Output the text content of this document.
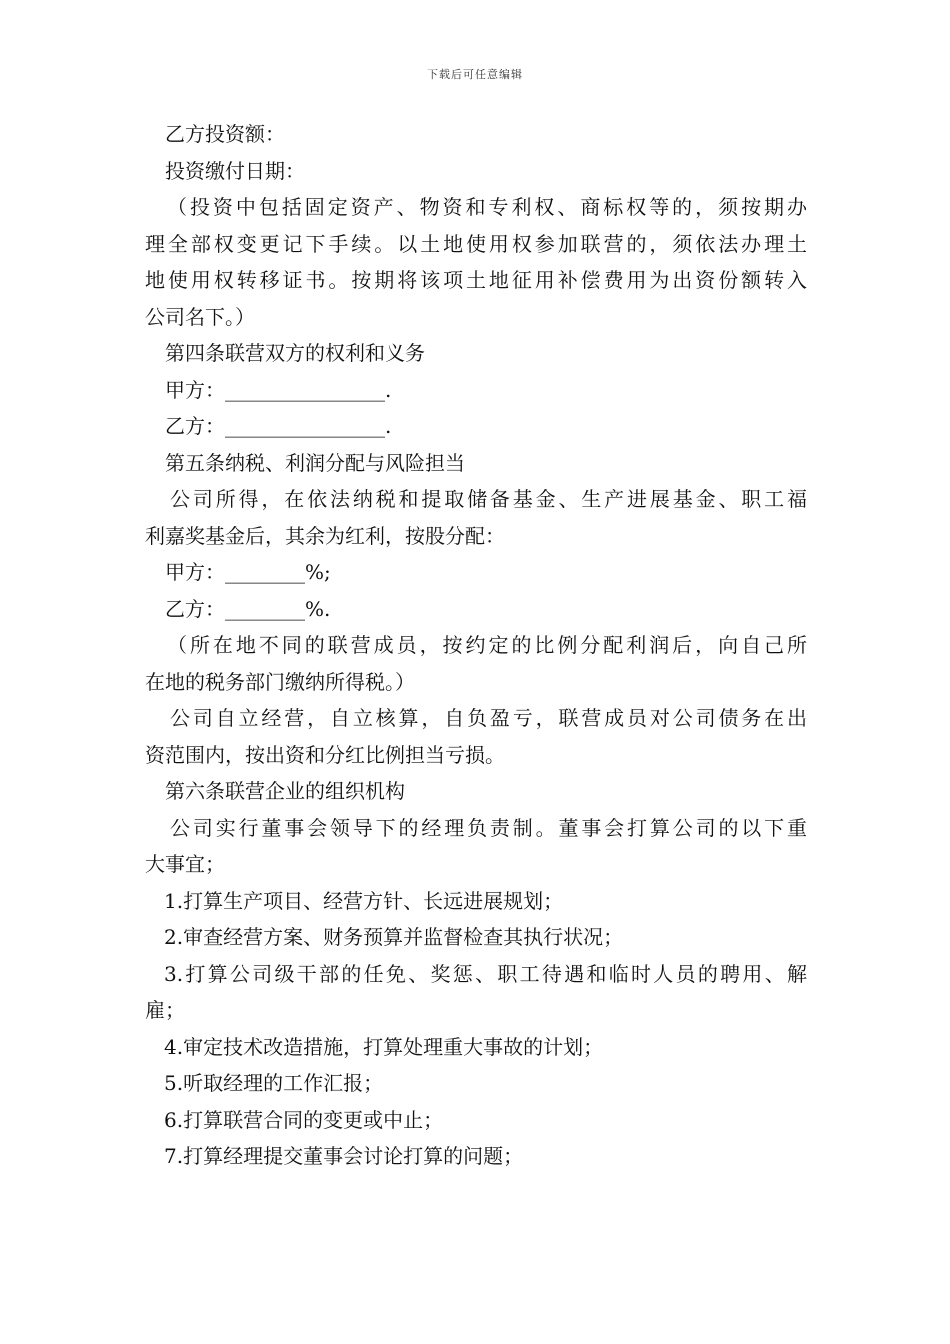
下载后可任意编辑
乙方投资额：
投资缴付日期：
（投资中包括固定资产、物资和专利权、商标权等的，须按期办
理全部权变更记下手续。以土地使用权参加联营的，须依法办理土
地使用权转移证书。按期将该项土地征用补偿费用为出资份额转入
公司名下。）
第四条联营双方的权利和义务
甲方：________________.
乙方：________________.
第五条纳税、利润分配与风险担当
公司所得，在依法纳税和提取储备基金、生产进展基金、职工福
利嘉奖基金后，其余为红利，按股分配：
甲方：________%;
乙方：________%.
（所在地不同的联营成员，按约定的比例分配利润后，向自己所
在地的税务部门缴纳所得税。）
公司自立经营，自立核算，自负盈亏，联营成员对公司债务在出
资范围内，按出资和分红比例担当亏损。
第六条联营企业的组织机构
公司实行董事会领导下的经理负责制。董事会打算公司的以下重
大事宜；
1.打算生产项目、经营方针、长远进展规划；
2.审查经营方案、财务预算并监督检查其执行状况；
3.打算公司级干部的任免、奖惩、职工待遇和临时人员的聘用、解
雇；
4.审定技术改造措施，打算处理重大事故的计划；
5.听取经理的工作汇报；
6.打算联营合同的变更或中止；
7.打算经理提交董事会讨论打算的问题；
